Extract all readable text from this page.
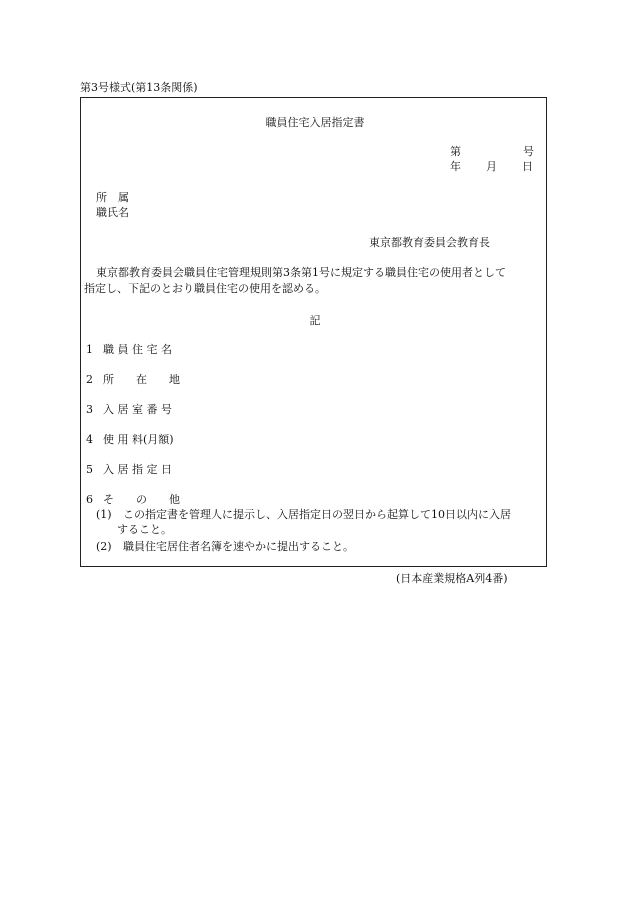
第3号様式(第13条関係)
職員住宅入居指定書
第	号
年 月 日
所　属
職氏名
東京都教育委員会教育長
東京都教育委員会職員住宅管理規則第3条第1号に規定する職員住宅の使用者として
指定し、下記のとおり職員住宅の使用を認める。
記
1 職 員 住 宅 名
2 所　　在　　地
3 入 居 室 番 号
4 使 用 料(月額)
5 入 居 指 定 日
6 そ　　の　　他
(1) この指定書を管理人に提示し、入居指定日の翌日から起算して10日以内に入居
すること。
(2) 職員住宅居住者名簿を速やかに提出すること。
(日本産業規格A列4番)
